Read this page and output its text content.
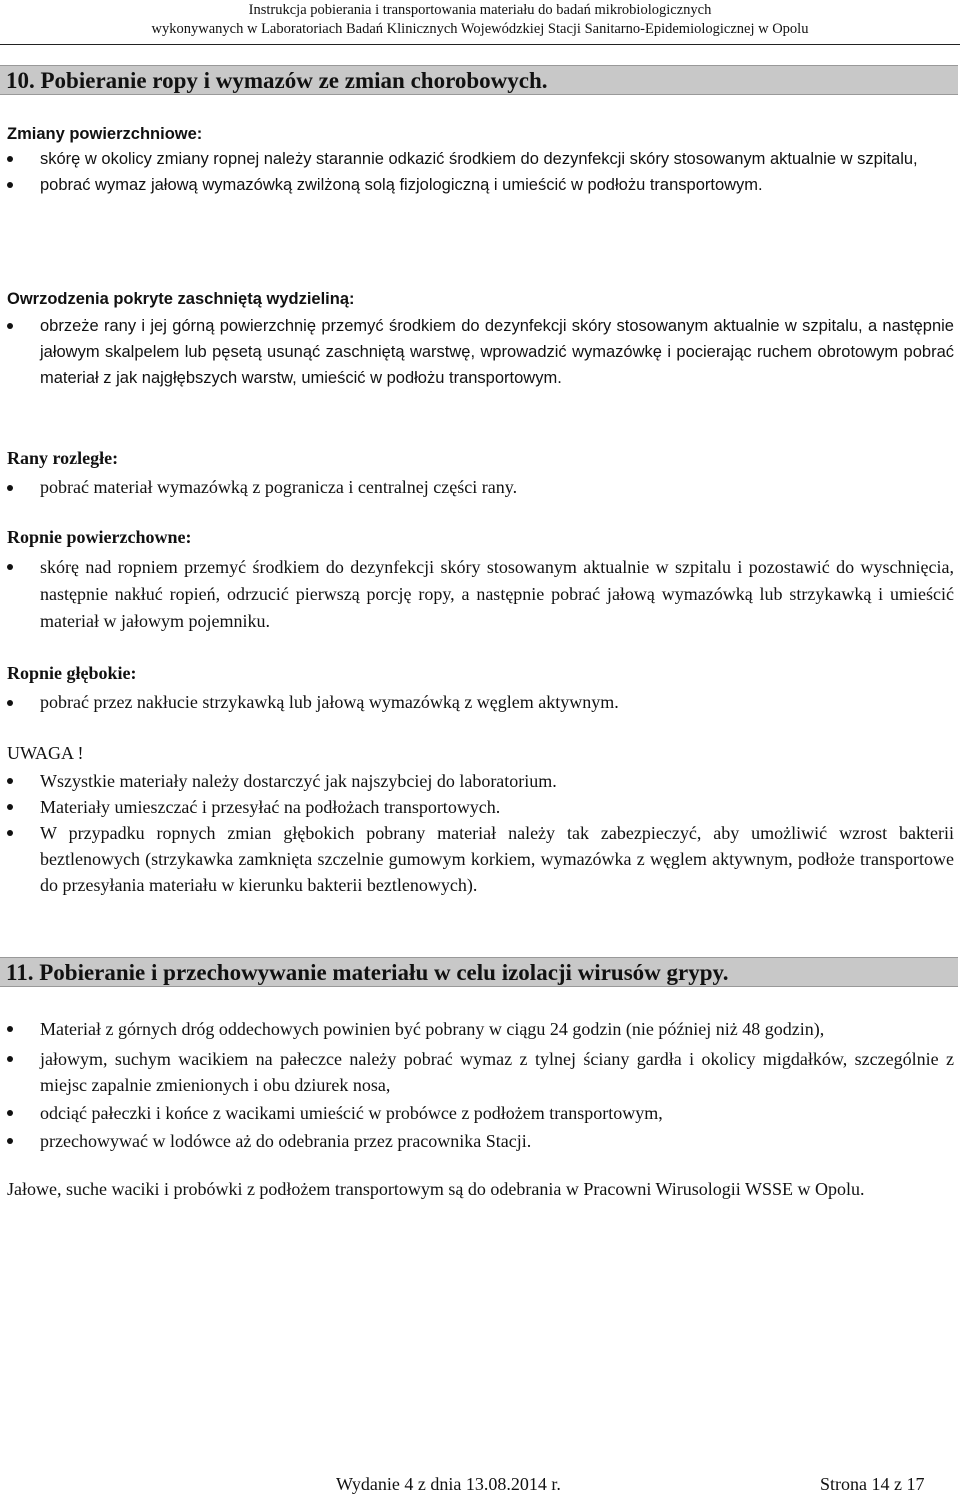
Instrukcja pobierania i transportowania materiału do badań mikrobiologicznych
wykonywanych w Laboratoriach Badań Klinicznych Wojewódzkiej Stacji Sanitarno-Epidemiologicznej w Opolu
10. Pobieranie ropy i wymazów ze zmian chorobowych.
Zmiany powierzchniowe:
skórę w okolicy zmiany ropnej należy starannie odkazić środkiem do dezynfekcji skóry stosowanym aktualnie w szpitalu,
pobrać wymaz jałową wymazówką zwilżoną solą fizjologiczną i umieścić w podłożu transportowym.
Owrzodzenia pokryte zaschniętą wydzieliną:
obrzeże rany i jej górną powierzchnię przemyć środkiem do dezynfekcji skóry stosowanym aktualnie w szpitalu, a następnie jałowym skalpelem lub pęsetą usunąć zaschniętą warstwę, wprowadzić wymazówkę i pocierając ruchem obrotowym pobrać materiał z jak najgłębszych warstw, umieścić w podłożu transportowym.
Rany rozległe:
pobrać materiał wymazówką z pogranicza i centralnej części rany.
Ropnie powierzchowne:
skórę nad ropniem przemyć środkiem do dezynfekcji skóry stosowanym aktualnie w szpitalu i pozostawić do wyschnięcia, następnie nakłuć ropień, odrzucić pierwszą porcję ropy, a następnie pobrać jałową wymazówką lub strzykawką i umieścić materiał w jałowym pojemniku.
Ropnie głębokie:
pobrać przez nakłucie strzykawką lub jałową wymazówką z węglem aktywnym.
UWAGA !
Wszystkie materiały należy dostarczyć jak najszybciej do laboratorium.
Materiały umieszczać i przesyłać na podłożach transportowych.
W przypadku ropnych zmian głębokich pobrany materiał należy tak zabezpieczyć, aby umożliwić wzrost bakterii beztlenowych (strzykawka zamknięta szczelnie gumowym korkiem, wymazówka z węglem aktywnym, podłoże transportowe do przesyłania materiału w kierunku bakterii beztlenowych).
11. Pobieranie i przechowywanie materiału w celu izolacji wirusów grypy.
Materiał z górnych dróg oddechowych powinien być pobrany w ciągu 24 godzin (nie później niż 48 godzin),
jałowym, suchym wacikiem na pałeczce należy pobrać wymaz z tylnej ściany gardła i okolicy migdałków, szczególnie z miejsc zapalnie zmienionych i obu dziurek nosa,
odciąć pałeczki i końce z wacikami umieścić w probówce z podłożem transportowym,
przechowywać w lodówce aż do odebrania przez pracownika Stacji.
Jałowe, suche waciki i probówki z podłożem transportowym są do odebrania w Pracowni Wirusologii WSSE w Opolu.
Wydanie 4 z dnia 13.08.2014 r.	Strona 14 z 17
